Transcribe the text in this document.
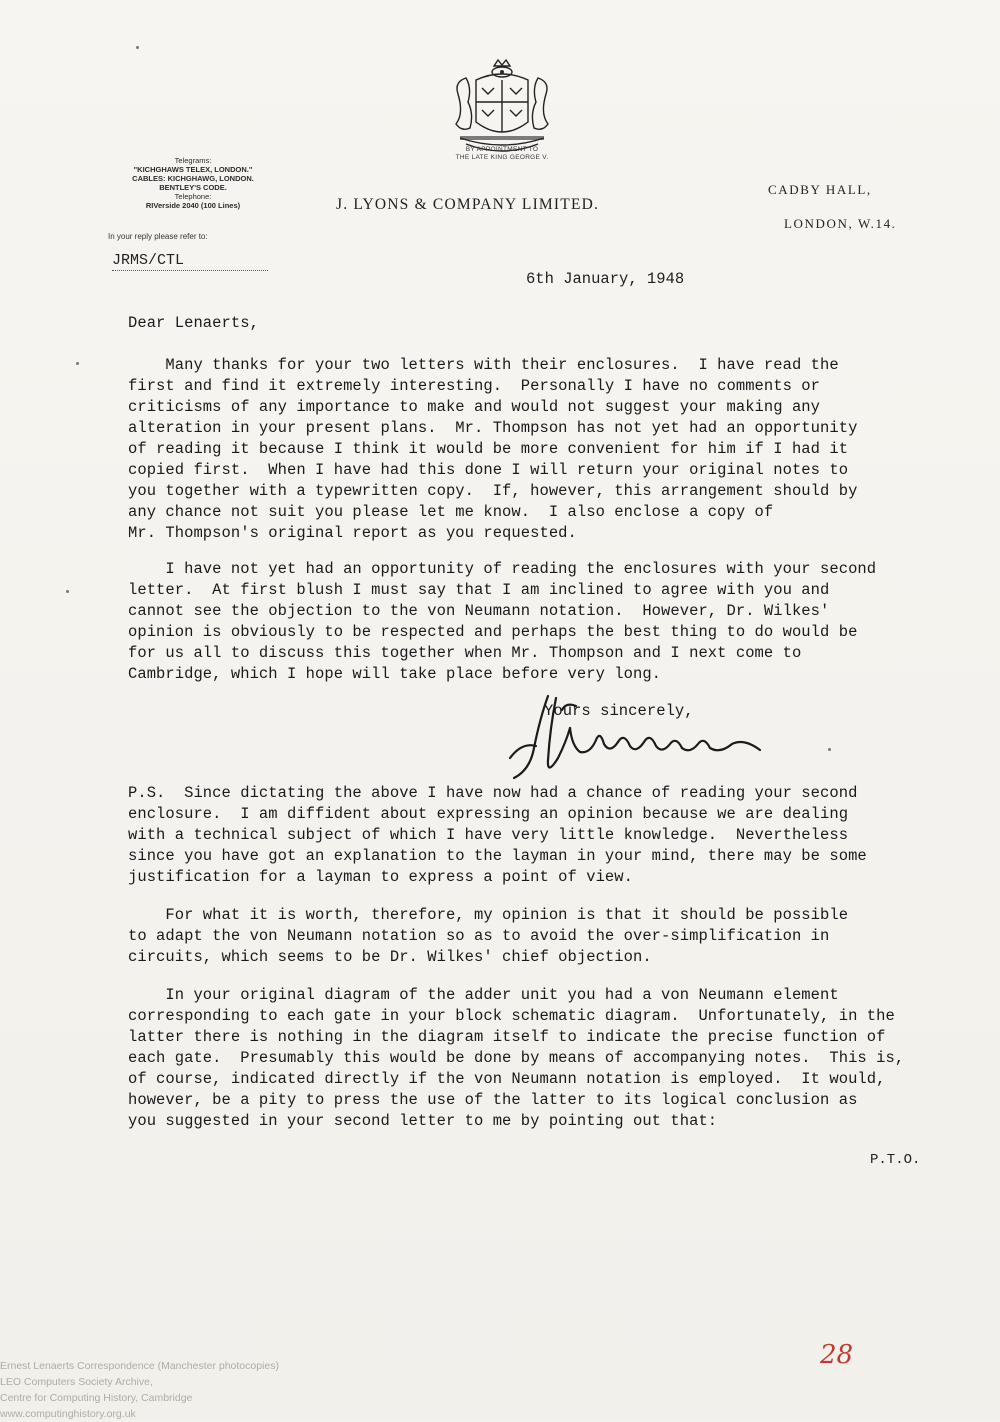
BY APPOINTMENT TO
THE LATE KING GEORGE V.
Telegrams:
"KICHGHAWS TELEX, LONDON."
CABLES: KICHGHAWG, LONDON.
BENTLEY'S CODE.
Telephone:
RIVerside 2040 (100 Lines)
In your reply please refer to:
JRMS/CTL
J. LYONS & COMPANY LIMITED.
CADBY HALL,
LONDON, W.14.
6th January, 1948
Dear Lenaerts,
Many thanks for your two letters with their enclosures.  I have read the
first and find it extremely interesting.  Personally I have no comments or
criticisms of any importance to make and would not suggest your making any
alteration in your present plans.  Mr. Thompson has not yet had an opportunity
of reading it because I think it would be more convenient for him if I had it
copied first.  When I have had this done I will return your original notes to
you together with a typewritten copy.  If, however, this arrangement should by
any chance not suit you please let me know.  I also enclose a copy of
Mr. Thompson's original report as you requested.
I have not yet had an opportunity of reading the enclosures with your second
letter.  At first blush I must say that I am inclined to agree with you and
cannot see the objection to the von Neumann notation.  However, Dr. Wilkes'
opinion is obviously to be respected and perhaps the best thing to do would be
for us all to discuss this together when Mr. Thompson and I next come to
Cambridge, which I hope will take place before very long.
Yours sincerely,
P.S.  Since dictating the above I have now had a chance of reading your second
enclosure.  I am diffident about expressing an opinion because we are dealing
with a technical subject of which I have very little knowledge.  Nevertheless
since you have got an explanation to the layman in your mind, there may be some
justification for a layman to express a point of view.
For what it is worth, therefore, my opinion is that it should be possible
to adapt the von Neumann notation so as to avoid the over-simplification in
circuits, which seems to be Dr. Wilkes' chief objection.
In your original diagram of the adder unit you had a von Neumann element
corresponding to each gate in your block schematic diagram.  Unfortunately, in the
latter there is nothing in the diagram itself to indicate the precise function of
each gate.  Presumably this would be done by means of accompanying notes.  This is,
of course, indicated directly if the von Neumann notation is employed.  It would,
however, be a pity to press the use of the latter to its logical conclusion as
you suggested in your second letter to me by pointing out that:
P.T.O.
28
Ernest Lenaerts Correspondence (Manchester photocopies)
LEO Computers Society Archive,
Centre for Computing History, Cambridge
www.computinghistory.org.uk
